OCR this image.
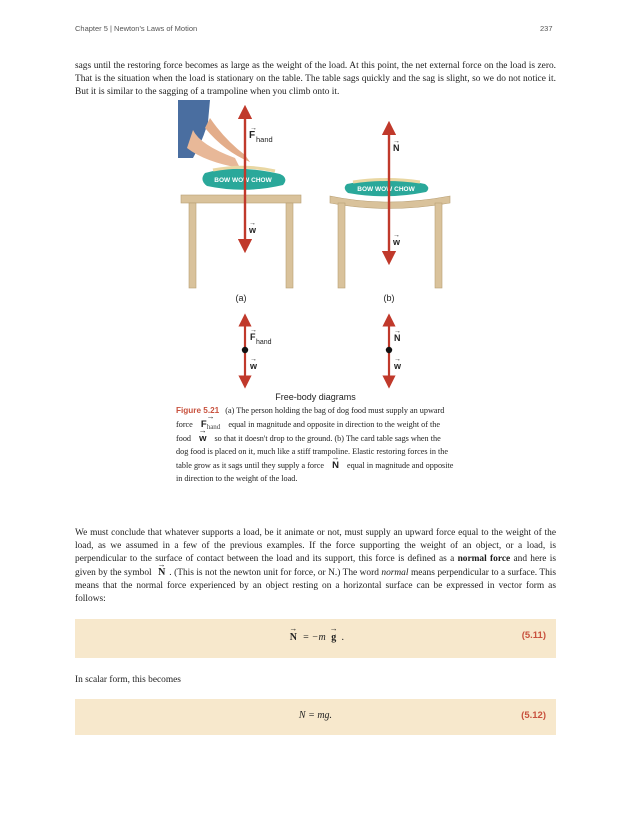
Chapter 5 | Newton's Laws of Motion	237

sags until the restoring force becomes as large as the weight of the load. At this point, the net external force on the load is zero. That is the situation when the load is stationary on the table. The table sags quickly and the sag is slight, so we do not notice it. But it is similar to the sagging of a trampoline when you climb onto it.

BOW WOW CHOW
F
→
hand
w
→
(a)
BOW WOW CHOW
N
→
w
→
(b)
F
→
hand
w
→
N
→
w
→
Free-body diagrams

Figure 5.21 (a) The person holding the bag of dog food must supply an upward force → $F_{hand}$ equal in magnitude and opposite in direction to the weight of the food → w so that it doesn't drop to the ground. (b) The card table sags when the dog food is placed on it, much like a stiff trampoline. Elastic restoring forces in the table grow as it sags until they supply a force → N equal in magnitude and opposite in direction to the weight of the load.

We must conclude that whatever supports a load, be it animate or not, must supply an upward force equal to the weight of the load, as we assumed in a few of the previous examples. If the force supporting the weight of an object, or a load, is perpendicular to the surface of contact between the load and its support, this force is defined as a normal force and here is given by the symbol → N . (This is not the newton unit for force, or N.) The word normal means perpendicular to a surface. This means that the normal force experienced by an object resting on a horizontal surface can be expressed in vector form as follows:

→ N = −m → g .	(5.11)

In scalar form, this becomes

N = mg.	(5.12)
